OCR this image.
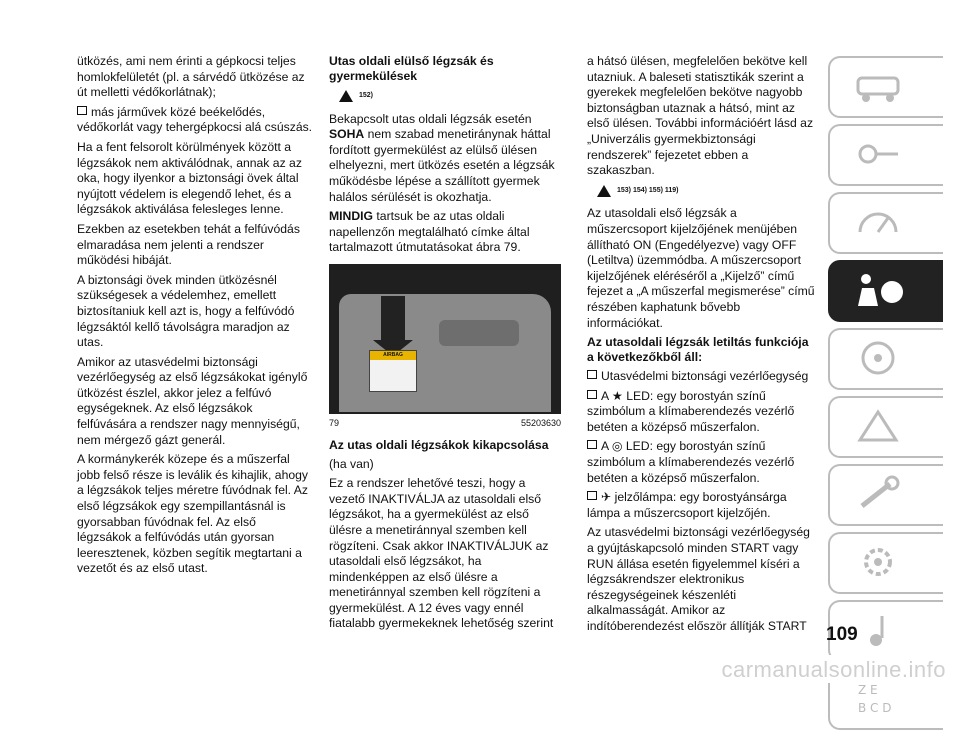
ütközés, ami nem érinti a gépkocsi teljes homlokfelületét (pl. a sárvédő ütközése az út melletti védőkorlátnak);

más járművek közé beékelődés, védőkorlát vagy tehergépkocsi alá csúszás.

Ha a fent felsorolt körülmények között a légzsákok nem aktiválódnak, annak az az oka, hogy ilyenkor a biztonsági övek által nyújtott védelem is elegendő lehet, és a légzsákok aktiválása felesleges lenne.

Ezekben az esetekben tehát a felfúvódás elmaradása nem jelenti a rendszer működési hibáját.

A biztonsági övek minden ütközésnél szükségesek a védelemhez, emellett biztosítaniuk kell azt is, hogy a felfúvódó légzsáktól kellő távolságra maradjon az utas.

Amikor az utasvédelmi biztonsági vezérlőegység az első légzsákokat igénylő ütközést észlel, akkor jelez a felfúvó egységeknek. Az első légzsákok felfúvására a rendszer nagy mennyiségű, nem mérgező gázt generál.

A kormánykerék közepe és a műszerfal jobb felső része is leválik és kihajlik, ahogy a légzsákok teljes méretre fúvódnak fel. Az első légzsákok egy szempillantásnál is gyorsabban fúvódnak fel. Az első légzsákok a felfúvódás után gyorsan leeresztenek, közben segítik megtartani a vezetőt és az első utast.

Utas oldali elülső légzsák és gyermekülések
152)

Bekapcsolt utas oldali légzsák esetén
SOHA nem szabad menetiránynak háttal fordított gyermekülést az elülső ülésen elhelyezni, mert ütközés esetén a légzsák működésbe lépése a szállított gyermek halálos sérülését is okozhatja.

MINDIG tartsuk be az utas oldali napellenzőn megtalálható címke által tartalmazott útmutatásokat ábra 79.

AIRBAG
79	55203630
Az utas oldali légzsákok kikapcsolása

(ha van)

Ez a rendszer lehetővé teszi, hogy a vezető INAKTIVÁLJA az utasoldali első légzsákot, ha a gyermekülést az első ülésre a menetiránnyal szemben kell rögzíteni. Csak akkor INAKTIVÁLJUK az utasoldali első légzsákot, ha mindenképpen az első ülésre a menetiránnyal szemben kell rögzíteni a gyermekülést. A 12 éves vagy ennél fiatalabb gyermekeknek lehetőség szerint

a hátsó ülésen, megfelelően bekötve kell utazniuk. A baleseti statisztikák szerint a gyerekek megfelelően bekötve nagyobb biztonságban utaznak a hátsó, mint az első ülésen. További információért lásd az „Univerzális gyermekbiztonsági rendszerek” fejezetet ebben a szakaszban.

153) 154) 155) 119)

Az utasoldali első légzsák a műszercsoport kijelzőjének menüjében állítható ON (Engedélyezve) vagy OFF (Letiltva) üzemmódba. A műszercsoport kijelzőjének eléréséről a „Kijelző” című fejezet a „A műszerfal megismerése” című részében kaphatunk bővebb információkat.

Az utasoldali légzsák letiltás funkciója a következőkből áll:

Utasvédelmi biztonsági vezérlőegység

A ★ LED: egy borostyán színű szimbólum a klímaberendezés vezérlő betéten a középső műszerfalon.

A ◎ LED: egy borostyán színű szimbólum a klímaberendezés vezérlő betéten a középső műszerfalon.

✈ jelzőlámpa: egy borostyánsárga lámpa a műszercsoport kijelzőjén.

Az utasvédelmi biztonsági vezérlőegység a gyújtáskapcsoló minden START vagy RUN állása esetén figyelemmel kíséri a légzsákrendszer elektronikus részegységeinek készenléti alkalmasságát. Amikor az indítóberendezést először állítják START

Z E
B C D
109
carmanualsonline.info
